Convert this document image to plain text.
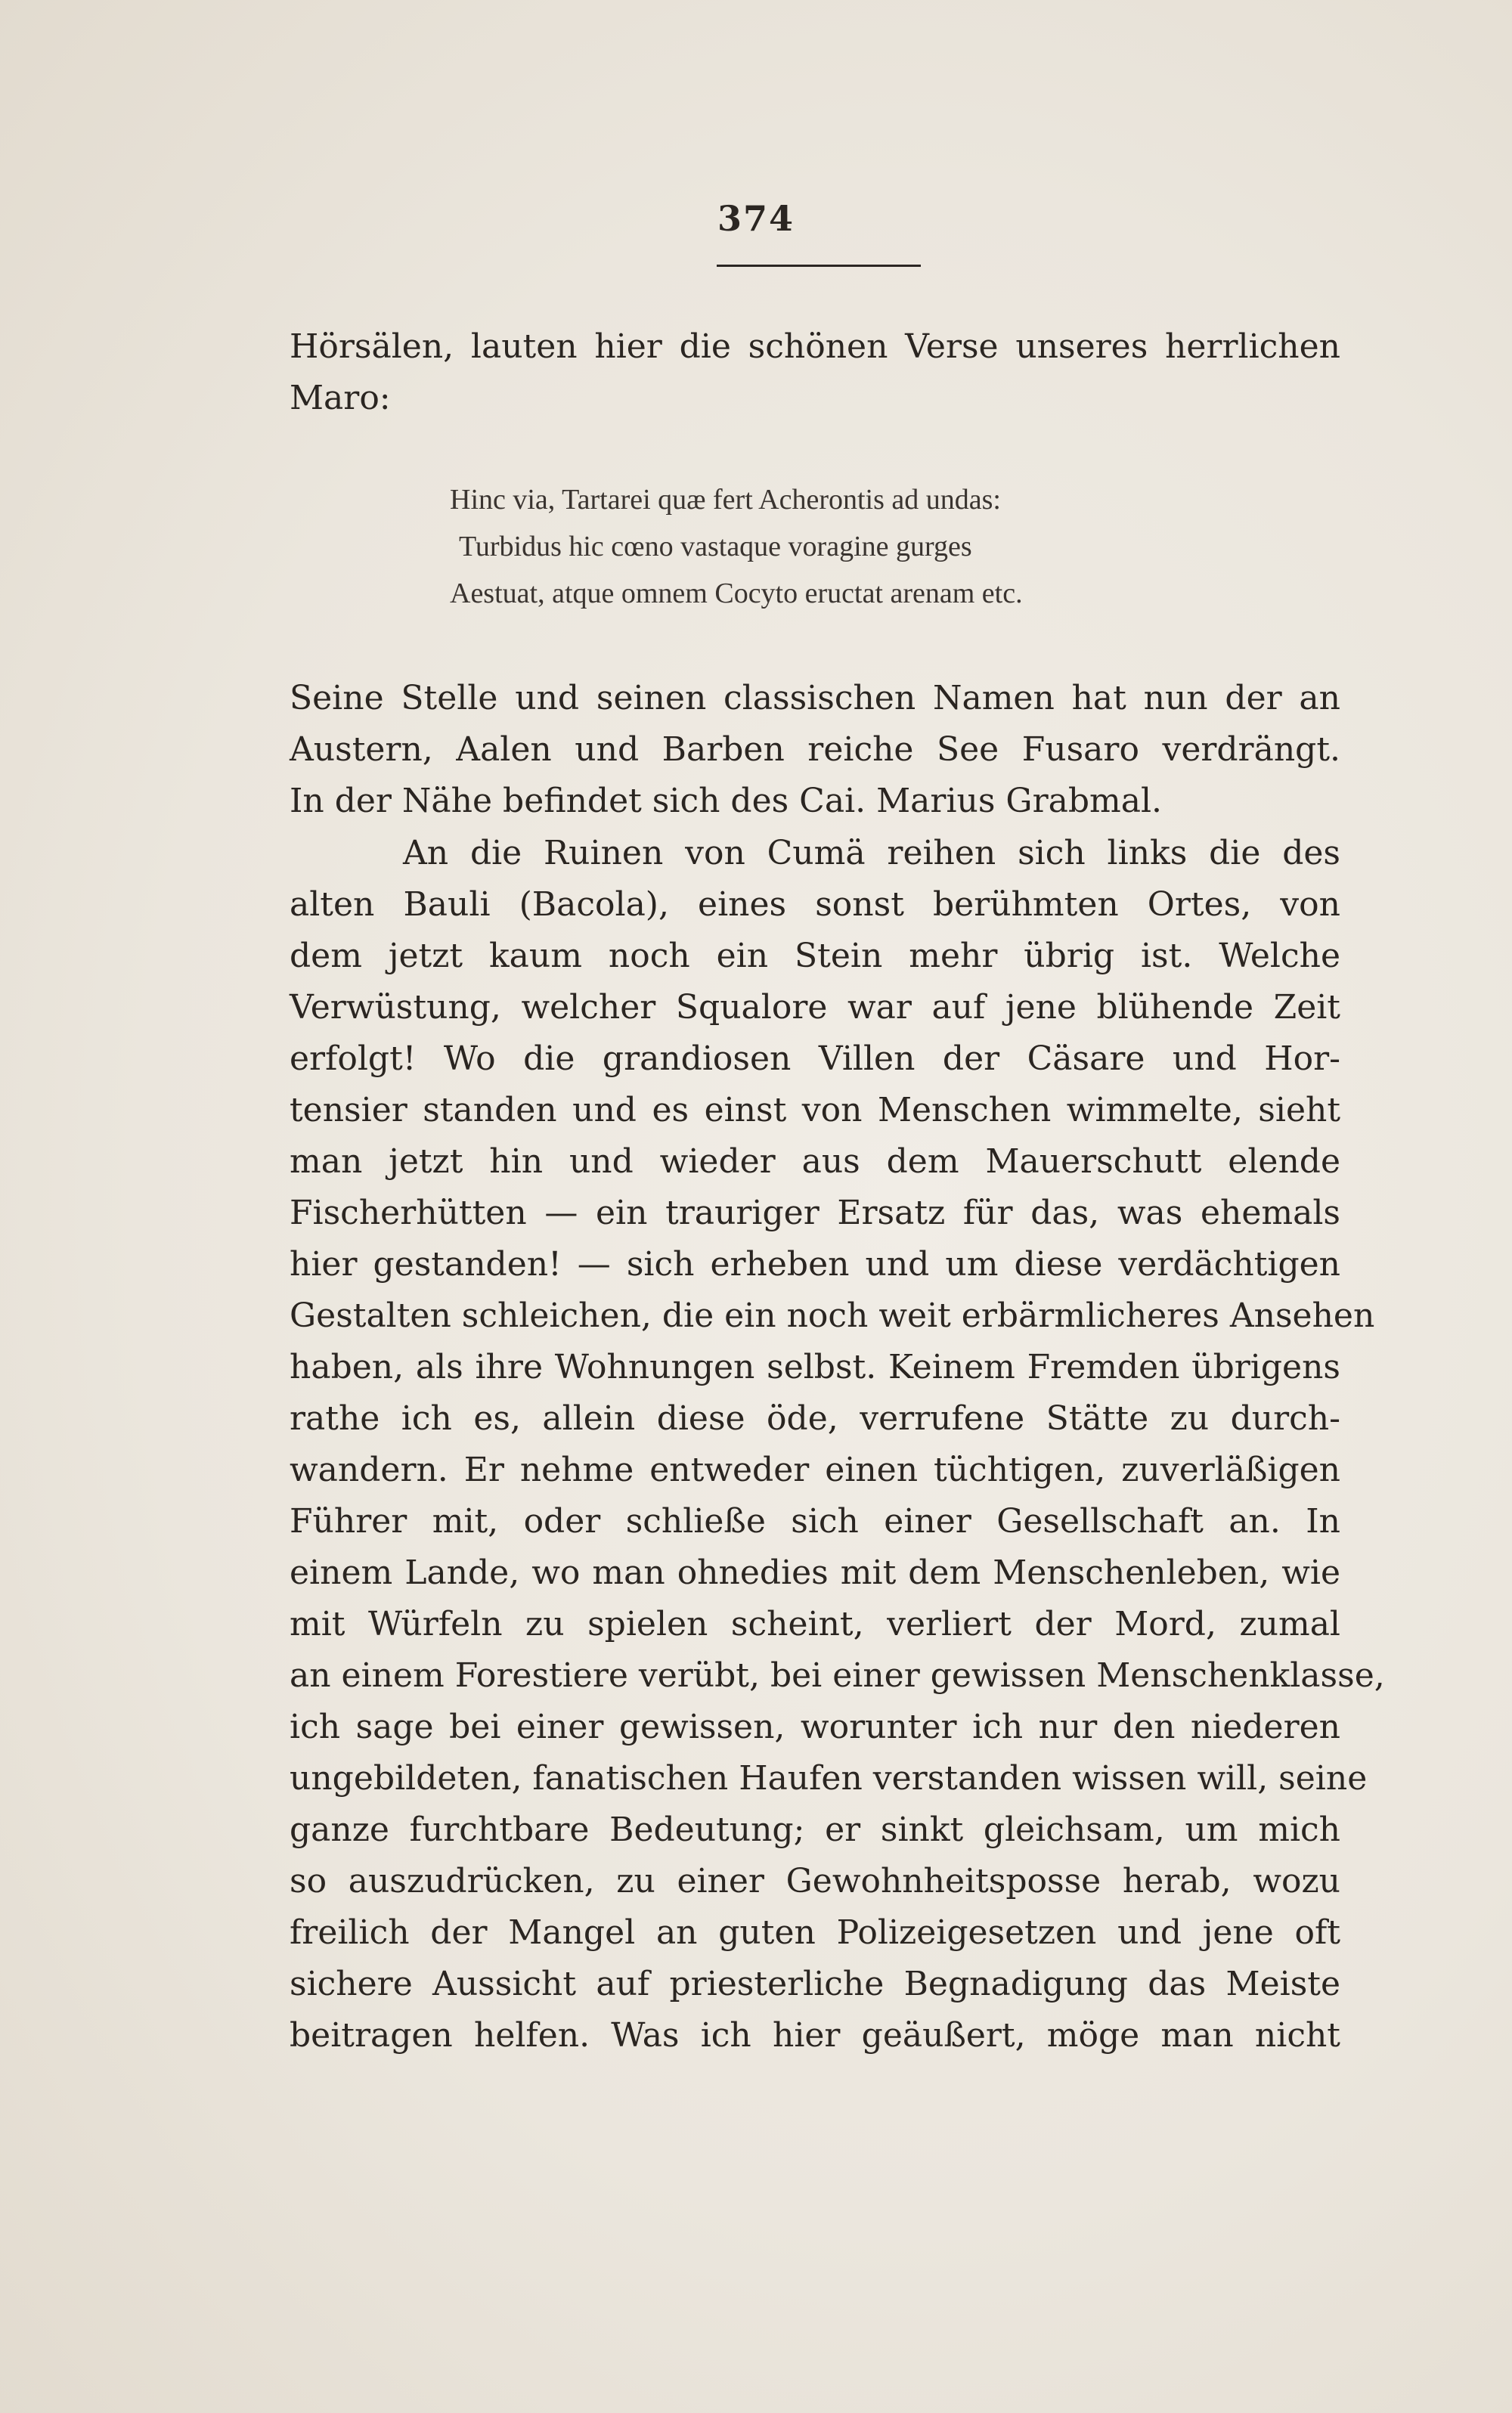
374

Hörsälen, lauten hier die schönen Verse unseres herrlichen
Maro:

Hinc via, Tartarei quæ fert Acherontis ad undas:
Turbidus hic cœno vastaque voragine gurges
Aestuat, atque omnem Cocyto eructat arenam etc.

Seine Stelle und seinen classischen Namen hat nun der an
Austern, Aalen und Barben reiche See Fusaro verdrängt.
In der Nähe befindet sich des Cai. Marius Grabmal.

An die Ruinen von Cumä reihen sich links die des
alten Bauli (Bacola), eines sonst berühmten Ortes, von
dem jetzt kaum noch ein Stein mehr übrig ist. Welche
Verwüstung, welcher Squalore war auf jene blühende Zeit
erfolgt! Wo die grandiosen Villen der Cäsare und Hor-
tensier standen und es einst von Menschen wimmelte, sieht
man jetzt hin und wieder aus dem Mauerschutt elende
Fischerhütten — ein trauriger Ersatz für das, was ehemals
hier gestanden! — sich erheben und um diese verdächtigen
Gestalten schleichen, die ein noch weit erbärmlicheres Ansehen
haben, als ihre Wohnungen selbst. Keinem Fremden übrigens
rathe ich es, allein diese öde, verrufene Stätte zu durch-
wandern. Er nehme entweder einen tüchtigen, zuverläßigen
Führer mit, oder schließe sich einer Gesellschaft an. In
einem Lande, wo man ohnedies mit dem Menschenleben, wie
mit Würfeln zu spielen scheint, verliert der Mord, zumal
an einem Forestiere verübt, bei einer gewissen Menschenklasse,
ich sage bei einer gewissen, worunter ich nur den niederen
ungebildeten, fanatischen Haufen verstanden wissen will, seine
ganze furchtbare Bedeutung; er sinkt gleichsam, um mich
so auszudrücken, zu einer Gewohnheitsposse herab, wozu
freilich der Mangel an guten Polizeigesetzen und jene oft
sichere Aussicht auf priesterliche Begnadigung das Meiste
beitragen helfen. Was ich hier geäußert, möge man nicht
